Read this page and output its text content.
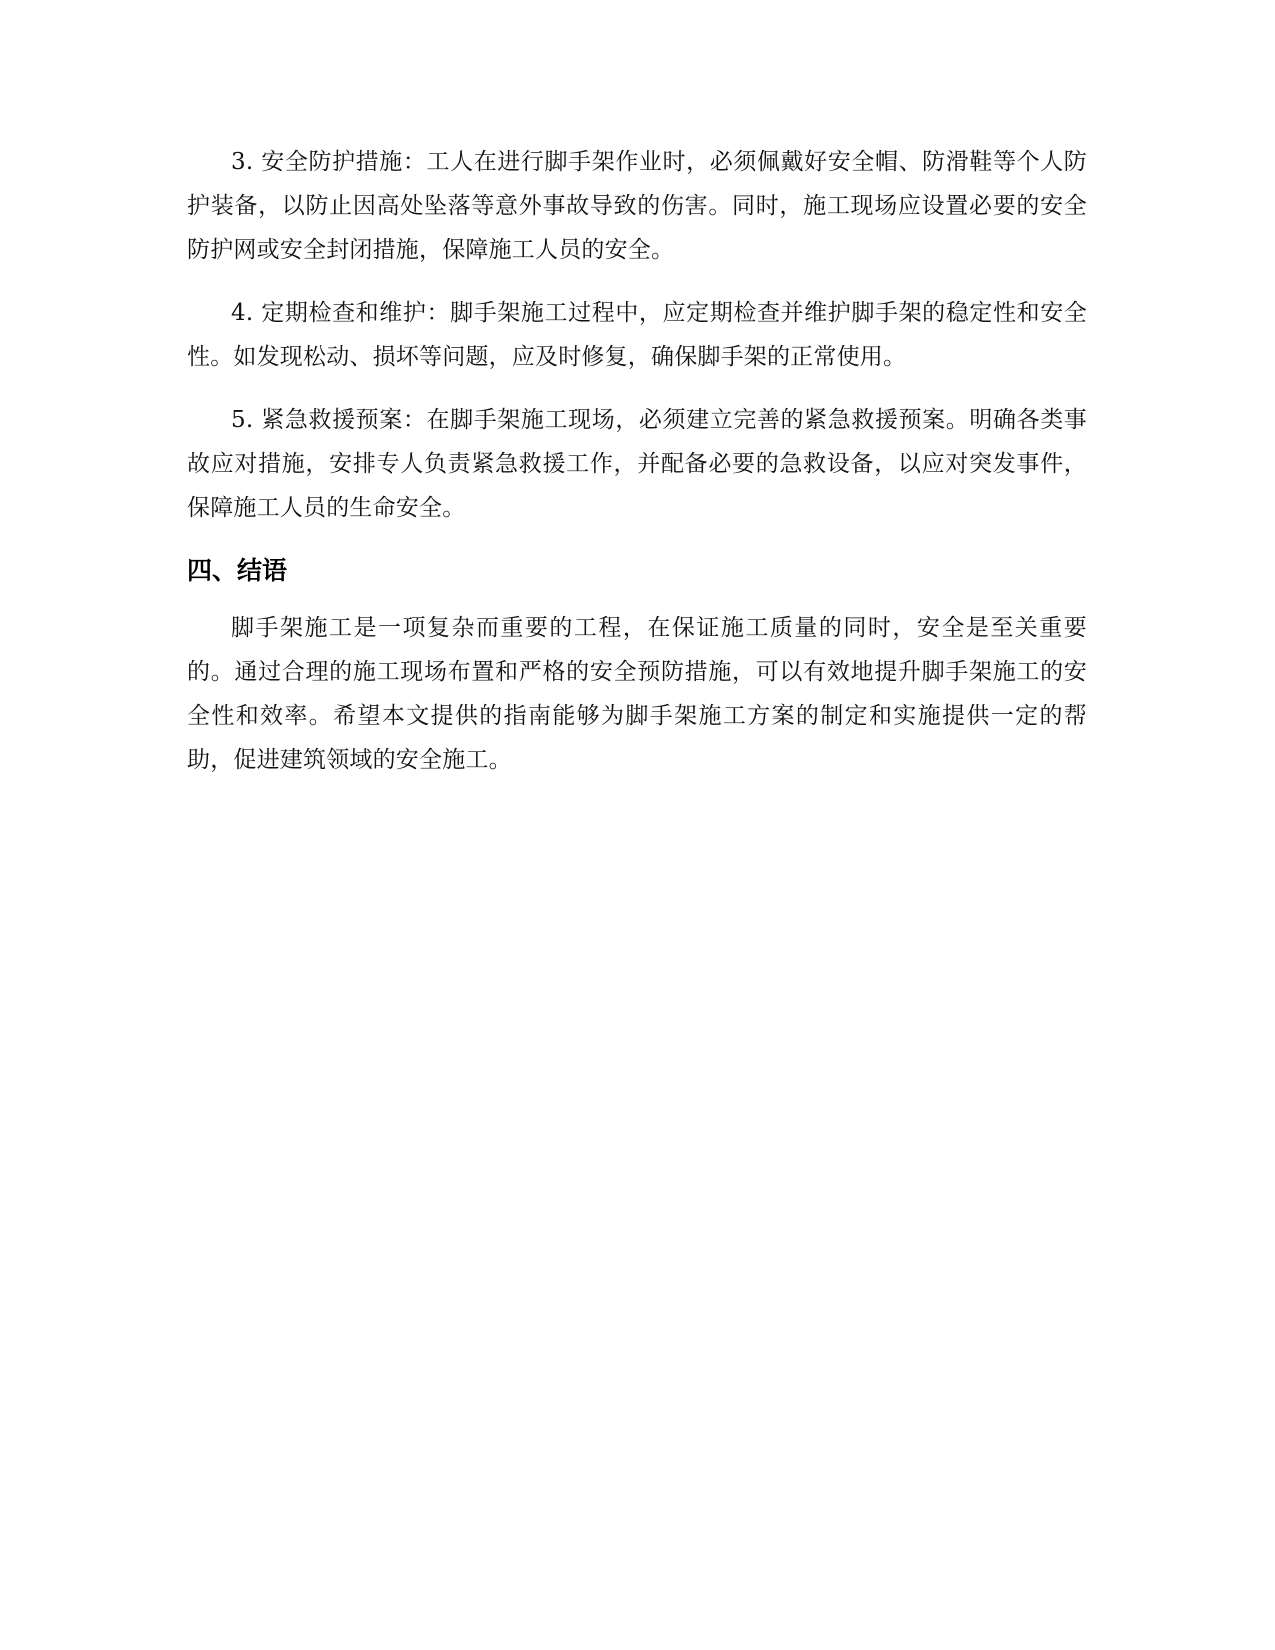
3. 安全防护措施：工人在进行脚手架作业时，必须佩戴好安全帽、防滑鞋等个人防护装备，以防止因高处坠落等意外事故导致的伤害。同时，施工现场应设置必要的安全防护网或安全封闭措施，保障施工人员的安全。

4. 定期检查和维护：脚手架施工过程中，应定期检查并维护脚手架的稳定性和安全性。如发现松动、损坏等问题，应及时修复，确保脚手架的正常使用。

5. 紧急救援预案：在脚手架施工现场，必须建立完善的紧急救援预案。明确各类事故应对措施，安排专人负责紧急救援工作，并配备必要的急救设备，以应对突发事件，保障施工人员的生命安全。

四、结语

脚手架施工是一项复杂而重要的工程，在保证施工质量的同时，安全是至关重要的。通过合理的施工现场布置和严格的安全预防措施，可以有效地提升脚手架施工的安全性和效率。希望本文提供的指南能够为脚手架施工方案的制定和实施提供一定的帮助，促进建筑领域的安全施工。
